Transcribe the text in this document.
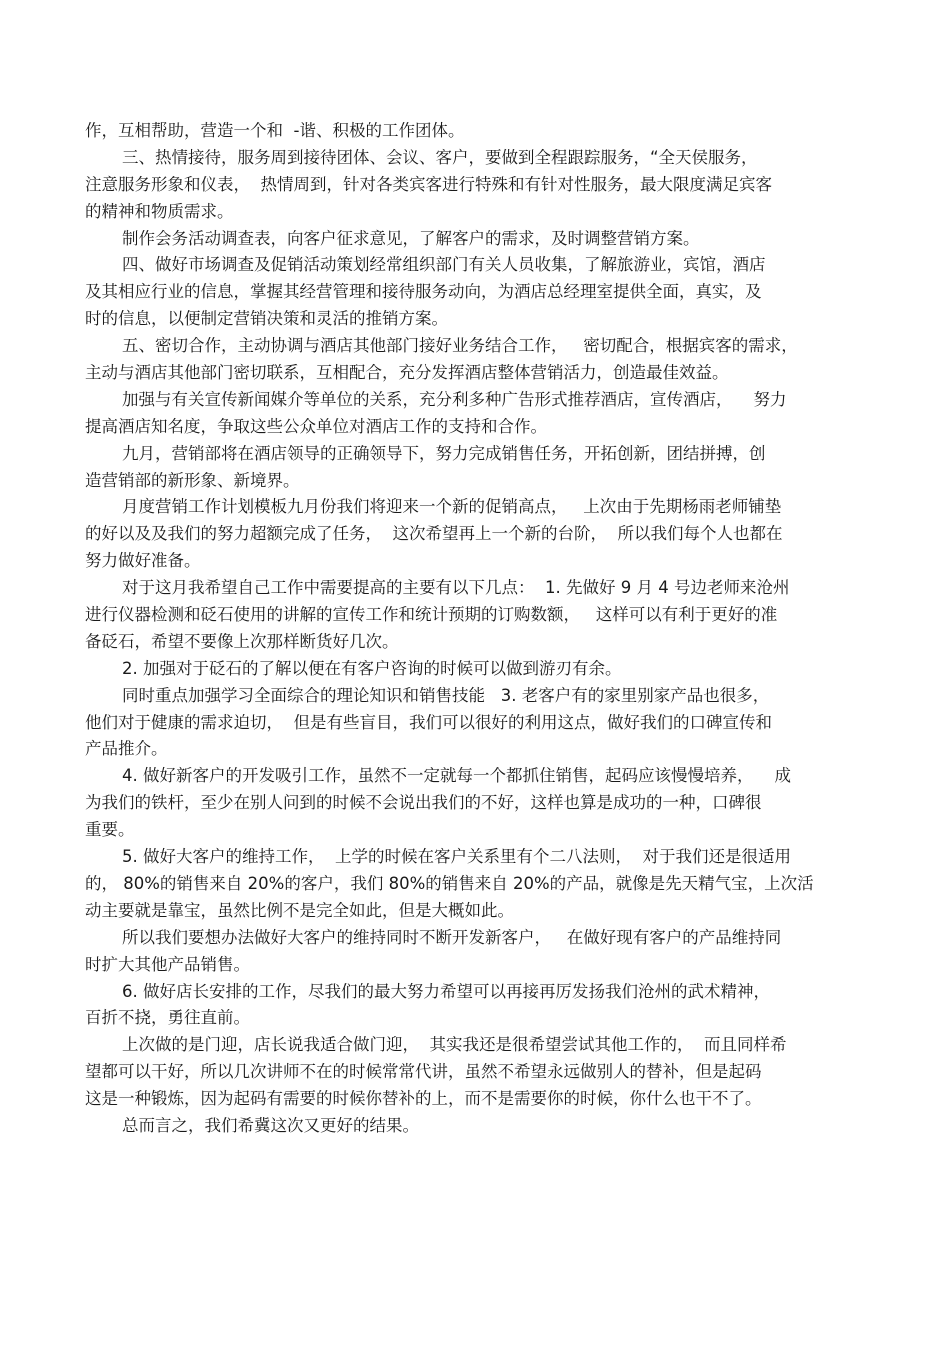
作，互相帮助，营造一个和  -谐、积极的工作团体。
三、热情接待，服务周到接待团体、会议、客户，要做到全程跟踪服务，“全天侯服务，
注意服务形象和仪表，  热情周到，针对各类宾客进行特殊和有针对性服务，最大限度满足宾客
的精神和物质需求。
制作会务活动调查表，向客户征求意见，了解客户的需求，及时调整营销方案。
四、做好市场调查及促销活动策划经常组织部门有关人员收集，了解旅游业，宾馆，酒店
及其相应行业的信息，掌握其经营管理和接待服务动向，为酒店总经理室提供全面，真实，及
时的信息，以便制定营销决策和灵活的推销方案。
五、密切合作，主动协调与酒店其他部门接好业务结合工作，   密切配合，根据宾客的需求，
主动与酒店其他部门密切联系，互相配合，充分发挥酒店整体营销活力，创造最佳效益。
加强与有关宣传新闻媒介等单位的关系，充分利多种广告形式推荐酒店，宣传酒店，    努力
提高酒店知名度，争取这些公众单位对酒店工作的支持和合作。
九月，营销部将在酒店领导的正确领导下，努力完成销售任务，开拓创新，团结拼搏，创
造营销部的新形象、新境界。
月度营销工作计划模板九月份我们将迎来一个新的促销高点，   上次由于先期杨雨老师铺垫
的好以及及我们的努力超额完成了任务，  这次希望再上一个新的台阶，  所以我们每个人也都在
努力做好准备。
对于这月我希望自己工作中需要提高的主要有以下几点：  1. 先做好 9 月 4 号边老师来沧州
进行仪器检测和砭石使用的讲解的宣传工作和统计预期的订购数额，   这样可以有利于更好的准
备砭石，希望不要像上次那样断货好几次。
2. 加强对于砭石的了解以便在有客户咨询的时候可以做到游刃有余。
同时重点加强学习全面综合的理论知识和销售技能   3. 老客户有的家里别家产品也很多，
他们对于健康的需求迫切，  但是有些盲目，我们可以很好的利用这点，做好我们的口碑宣传和
产品推介。
4. 做好新客户的开发吸引工作，虽然不一定就每一个都抓住销售，起码应该慢慢培养，    成
为我们的铁杆，至少在别人问到的时候不会说出我们的不好，这样也算是成功的一种，口碑很
重要。
5. 做好大客户的维持工作，  上学的时候在客户关系里有个二八法则，  对于我们还是很适用
的， 80%的销售来自 20%的客户，我们 80%的销售来自 20%的产品，就像是先天精气宝，上次活
动主要就是靠宝，虽然比例不是完全如此，但是大概如此。
所以我们要想办法做好大客户的维持同时不断开发新客户，   在做好现有客户的产品维持同
时扩大其他产品销售。
6. 做好店长安排的工作，尽我们的最大努力希望可以再接再厉发扬我们沧州的武术精神，
百折不挠，勇往直前。
上次做的是门迎，店长说我适合做门迎，  其实我还是很希望尝试其他工作的，  而且同样希
望都可以干好，所以几次讲师不在的时候常常代讲，虽然不希望永远做别人的替补，但是起码
这是一种锻炼，因为起码有需要的时候你替补的上，而不是需要你的时候，你什么也干不了。
总而言之，我们希冀这次又更好的结果。
